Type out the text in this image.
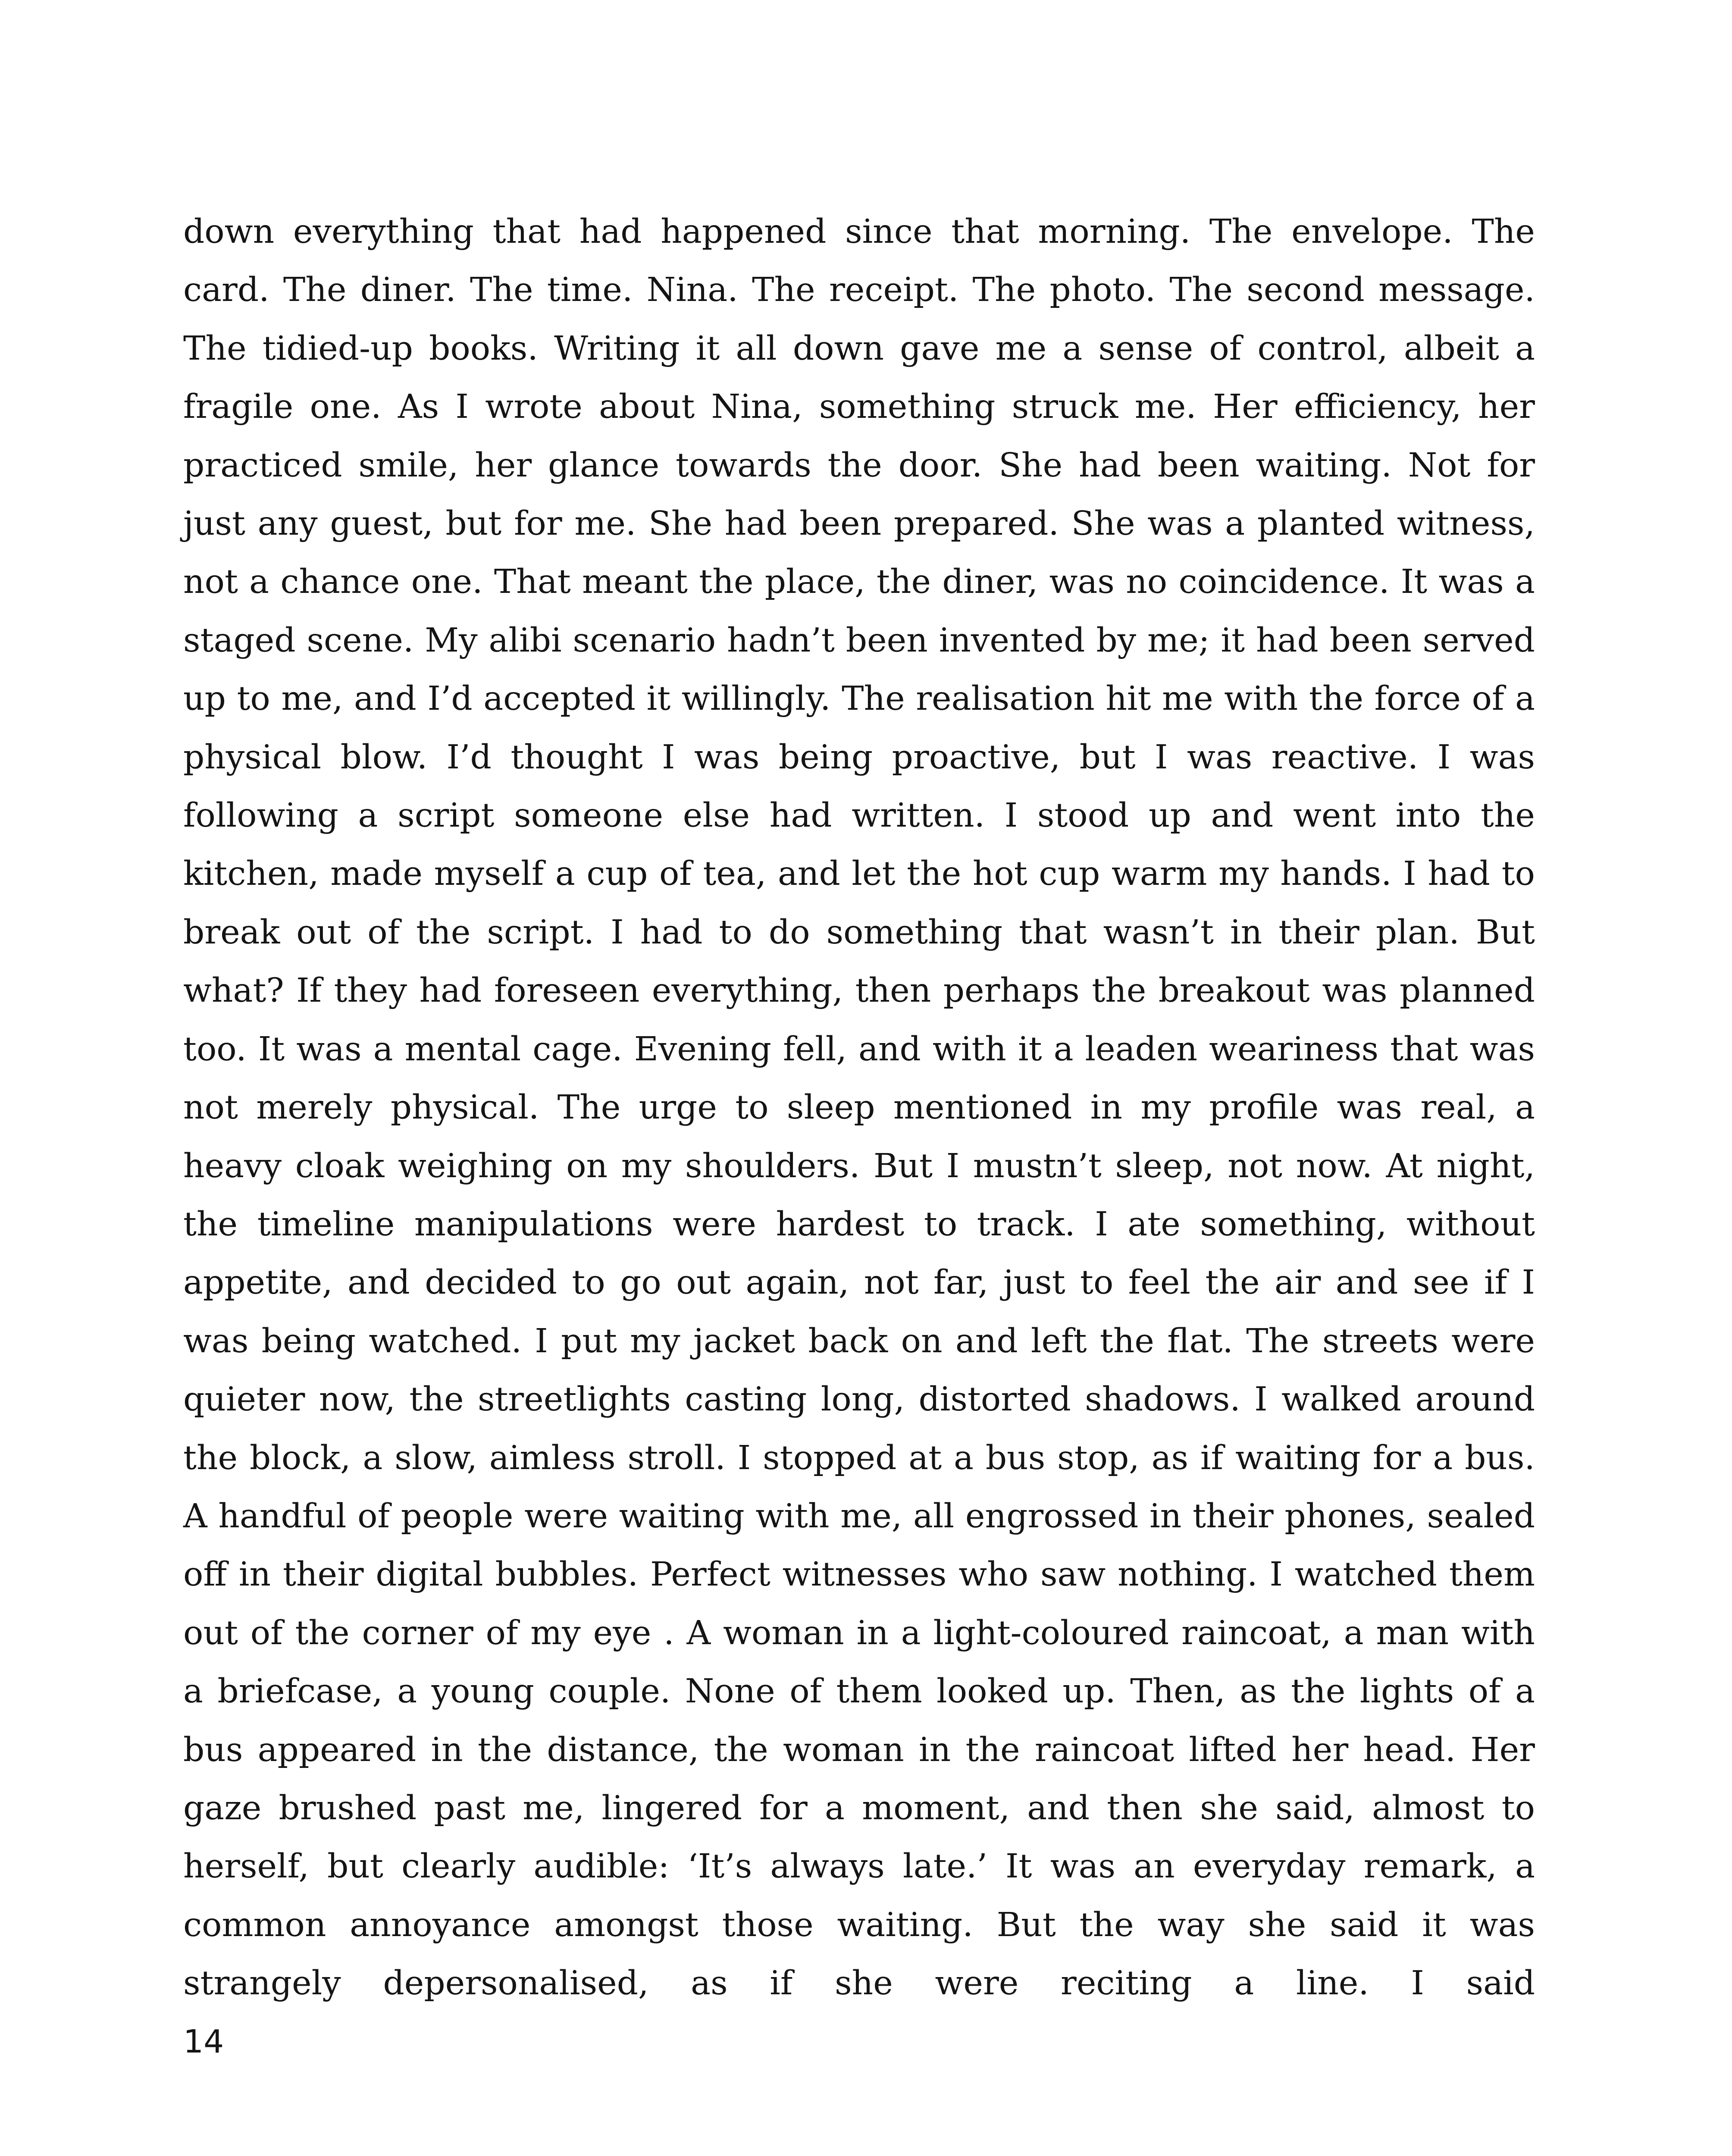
down everything that had happened since that morning. The envelope. The card. The diner. The time. Nina. The receipt. The photo. The second message. The tidied-up books. Writing it all down gave me a sense of control, albeit a fragile one. As I wrote about Nina, something struck me. Her efficiency, her practiced smile, her glance towards the door. She had been waiting. Not for just any guest, but for me. She had been prepared. She was a planted witness, not a chance one. That meant the place, the diner, was no coincidence. It was a staged scene. My alibi scenario hadn’t been invented by me; it had been served up to me, and I’d accepted it willingly. The realisation hit me with the force of a physical blow. I’d thought I was being proactive, but I was reactive. I was following a script someone else had written. I stood up and went into the kitchen, made myself a cup of tea, and let the hot cup warm my hands. I had to break out of the script. I had to do something that wasn’t in their plan. But what? If they had foreseen everything, then perhaps the breakout was planned too. It was a mental cage. Evening fell, and with it a leaden weariness that was not merely physical. The urge to sleep mentioned in my profile was real, a heavy cloak weighing on my shoulders. But I mustn’t sleep, not now. At night, the timeline manipulations were hardest to track. I ate something, without appetite, and decided to go out again, not far, just to feel the air and see if I was being watched. I put my jacket back on and left the flat. The streets were quieter now, the streetlights casting long, distorted shadows. I walked around the block, a slow, aimless stroll. I stopped at a bus stop, as if waiting for a bus. A handful of people were waiting with me, all engrossed in their phones, sealed off in their digital bubbles. Perfect witnesses who saw nothing. I watched them out of the corner of my eye . A woman in a light-coloured raincoat, a man with a briefcase, a young couple. None of them looked up. Then, as the lights of a bus appeared in the distance, the woman in the raincoat lifted her head. Her gaze brushed past me, lingered for a moment, and then she said, almost to herself, but clearly audible: ‘It’s always late.’ It was an everyday remark, a common annoyance amongst those waiting. But the way she said it was strangely depersonalised, as if she were reciting a line. I said

14
